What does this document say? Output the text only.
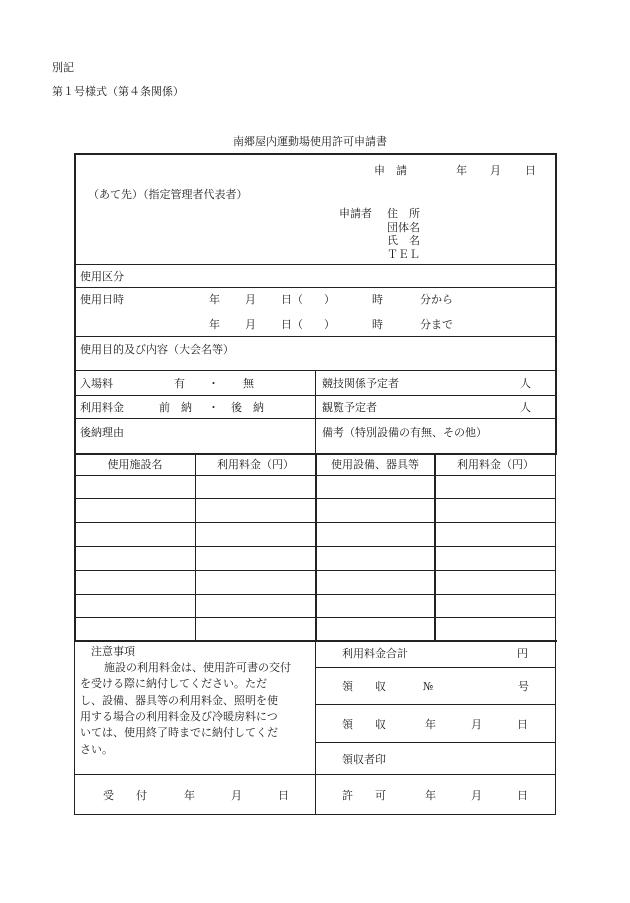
別記
第１号様式（第４条関係）
南郷屋内運動場使用許可申請書
申　請	年 月 日
（あて先）（指定管理者代表者）
申請者 住　所
団体名
氏　名
ＴＥＬ
使用区分
使用日時	年 月 日（ ）	時	分から
年 月 日（ ）	時	分まで
使用目的及び内容（大会名等）
入場料	有 ・ 無	競技関係予定者	人
利用料金	前　納 ・ 後　納	観覧予定者	人
後納理由	備考（特別設備の有無、その他）
使用施設名	利用料金（円）	使用設備、器具等	利用料金（円）
注意事項
施設の利用料金は、使用許可書の交付
を受ける際に納付してください。ただ
し、設備、器具等の利用料金、照明を使
用する場合の利用料金及び冷暖房料につ
いては、使用終了時までに納付してくだ
さい。
利用料金合計	円
領　　収	№	号
領　　収	年	月	日
領収者印
受　　付	年	月	日	許　　可	年	月	日
